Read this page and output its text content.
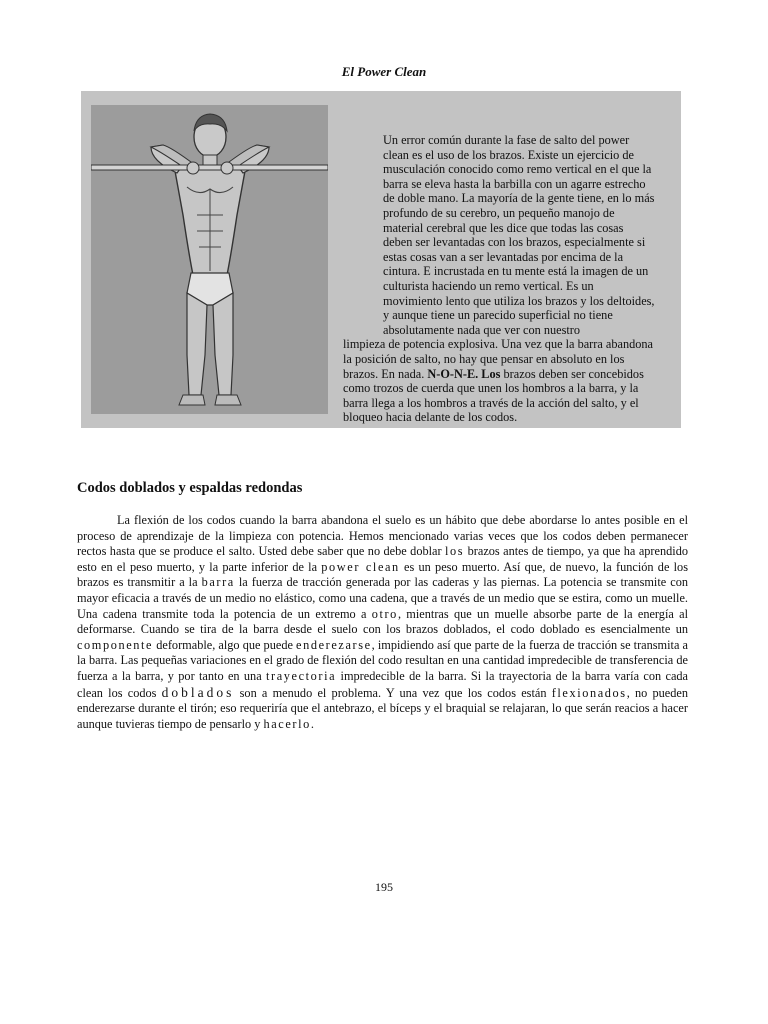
El Power Clean
Un error común durante la fase de salto del power clean es el uso de los brazos. Existe un ejercicio de musculación conocido como remo vertical en el que la barra se eleva hasta la barbilla con un agarre estrecho de doble mano. La mayoría de la gente tiene, en lo más profundo de su cerebro, un pequeño manojo de material cerebral que les dice que todas las cosas deben ser levantadas con los brazos, especialmente si estas cosas van a ser levantadas por encima de la cintura. E incrustada en tu mente está la imagen de un culturista haciendo un remo vertical. Es un movimiento lento que utiliza los brazos y los deltoides, y aunque tiene un parecido superficial no tiene absolutamente nada que ver con nuestro
limpieza de potencia explosiva. Una vez que la barra abandona la posición de salto, no hay que pensar en absoluto en los brazos. En nada. N-O-N-E. Los brazos deben ser concebidos como trozos de cuerda que unen los hombros a la barra, y la barra llega a los hombros a través de la acción del salto, y el bloqueo hacia delante de los codos.
Codos doblados y espaldas redondas
La flexión de los codos cuando la barra abandona el suelo es un hábito que debe abordarse lo antes posible en el proceso de aprendizaje de la limpieza con potencia. Hemos mencionado varias veces que los codos deben permanecer rectos hasta que se produce el salto. Usted debe saber que no debe doblar los brazos antes de tiempo, ya que ha aprendido esto en el peso muerto, y la parte inferior de la power clean es un peso muerto. Así que, de nuevo, la función de los brazos es transmitir a la barra la fuerza de tracción generada por las caderas y las piernas. La potencia se transmite con mayor eficacia a través de un medio no elástico, como una cadena, que a través de un medio que se estira, como un muelle. Una cadena transmite toda la potencia de un extremo a otro, mientras que un muelle absorbe parte de la energía al deformarse. Cuando se tira de la barra desde el suelo con los brazos doblados, el codo doblado es esencialmente un componente deformable, algo que puede enderezarse, impidiendo así que parte de la fuerza de tracción se transmita a la barra. Las pequeñas variaciones en el grado de flexión del codo resultan en una cantidad impredecible de transferencia de fuerza a la barra, y por tanto en una trayectoria impredecible de la barra. Si la trayectoria de la barra varía con cada clean los codos doblados son a menudo el problema. Y una vez que los codos están flexionados, no pueden enderezarse durante el tirón; eso requeriría que el antebrazo, el bíceps y el braquial se relajaran, lo que serán reacios a hacer aunque tuvieras tiempo de pensarlo y hacerlo.
195
